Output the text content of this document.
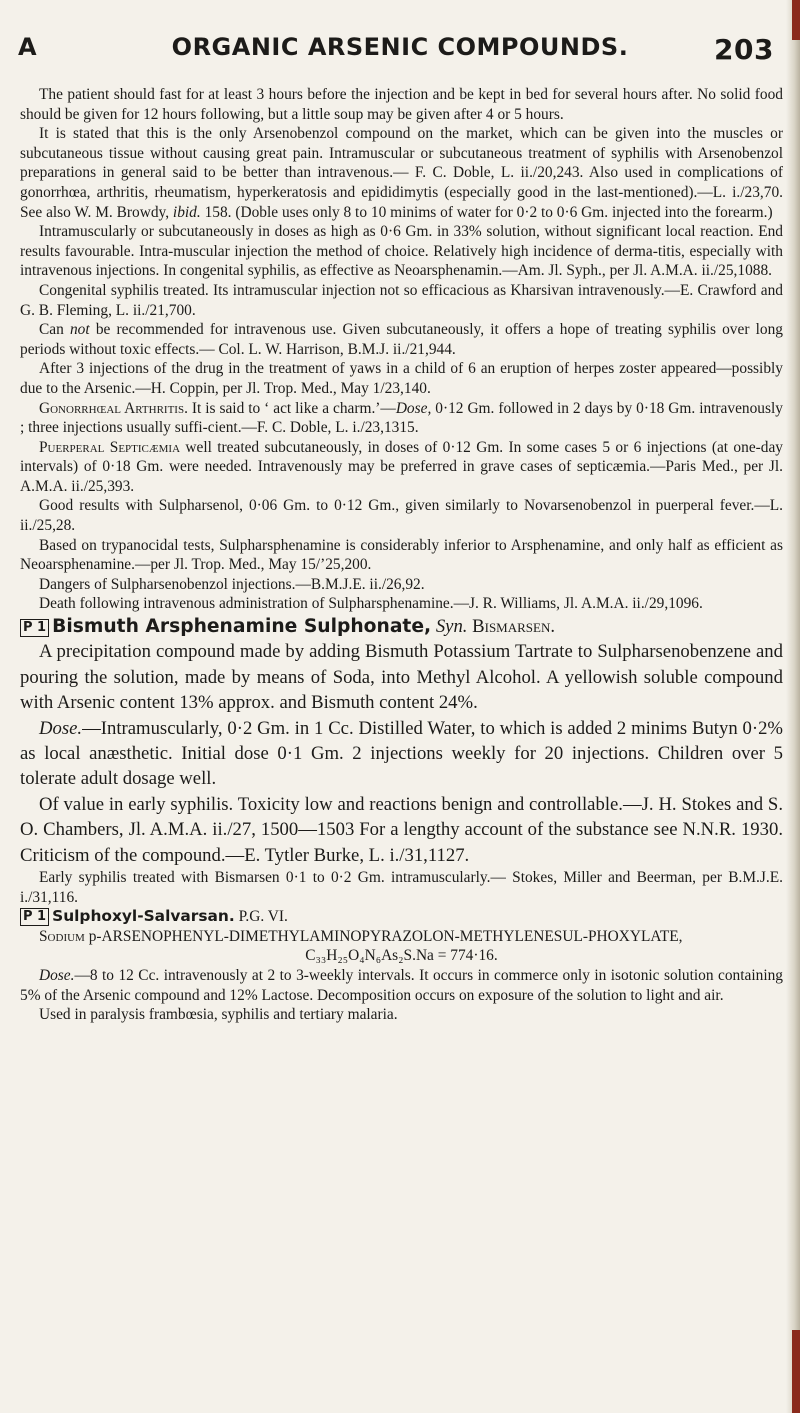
A	ORGANIC ARSENIC COMPOUNDS.	203

The patient should fast for at least 3 hours before the injection and be kept in bed for several hours after. No solid food should be given for 12 hours following, but a little soup may be given after 4 or 5 hours.

It is stated that this is the only Arsenobenzol compound on the market, which can be given into the muscles or subcutaneous tissue without causing great pain. Intramuscular or subcutaneous treatment of syphilis with Arsenobenzol preparations in general said to be better than intravenous.— F. C. Doble, L. ii./20,243. Also used in complications of gonorrhœa, arthritis, rheumatism, hyperkeratosis and epididimytis (especially good in the last-mentioned).—L. i./23,70. See also W. M. Browdy, ibid. 158. (Doble uses only 8 to 10 minims of water for 0·2 to 0·6 Gm. injected into the forearm.)

Intramuscularly or subcutaneously in doses as high as 0·6 Gm. in 33% solution, without significant local reaction. End results favourable. Intra-muscular injection the method of choice. Relatively high incidence of derma-titis, especially with intravenous injections. In congenital syphilis, as effective as Neoarsphenamin.—Am. Jl. Syph., per Jl. A.M.A. ii./25,1088.

Congenital syphilis treated. Its intramuscular injection not so efficacious as Kharsivan intravenously.—E. Crawford and G. B. Fleming, L. ii./21,700.

Can not be recommended for intravenous use. Given subcutaneously, it offers a hope of treating syphilis over long periods without toxic effects.— Col. L. W. Harrison, B.M.J. ii./21,944.

After 3 injections of the drug in the treatment of yaws in a child of 6 an eruption of herpes zoster appeared—possibly due to the Arsenic.—H. Coppin, per Jl. Trop. Med., May 1/23,140.

Gonorrhœal Arthritis. It is said to ‘ act like a charm.’—Dose, 0·12 Gm. followed in 2 days by 0·18 Gm. intravenously ; three injections usually suffi-cient.—F. C. Doble, L. i./23,1315.

Puerperal Septicæmia well treated subcutaneously, in doses of 0·12 Gm. In some cases 5 or 6 injections (at one-day intervals) of 0·18 Gm. were needed. Intravenously may be preferred in grave cases of septicæmia.—Paris Med., per Jl. A.M.A. ii./25,393.

Good results with Sulpharsenol, 0·06 Gm. to 0·12 Gm., given similarly to Novarsenobenzol in puerperal fever.—L. ii./25,28.

Based on trypanocidal tests, Sulpharsphenamine is considerably inferior to Arsphenamine, and only half as efficient as Neoarsphenamine.—per Jl. Trop. Med., May 15/’25,200.

Dangers of Sulpharsenobenzol injections.—B.M.J.E. ii./26,92.

Death following intravenous administration of Sulpharsphenamine.—J. R. Williams, Jl. A.M.A. ii./29,1096.

P 1 Bismuth Arsphenamine Sulphonate, Syn. Bismarsen.

A precipitation compound made by adding Bismuth Potassium Tartrate to Sulpharsenobenzene and pouring the solution, made by means of Soda, into Methyl Alcohol. A yellowish soluble compound with Arsenic content 13% approx. and Bismuth content 24%.

Dose.—Intramuscularly, 0·2 Gm. in 1 Cc. Distilled Water, to which is added 2 minims Butyn 0·2% as local anæsthetic. Initial dose 0·1 Gm. 2 injections weekly for 20 injections. Children over 5 tolerate adult dosage well.

Of value in early syphilis. Toxicity low and reactions benign and controllable.—J. H. Stokes and S. O. Chambers, Jl. A.M.A. ii./27, 1500—1503 For a lengthy account of the substance see N.N.R. 1930. Criticism of the compound.—E. Tytler Burke, L. i./31,1127.

Early syphilis treated with Bismarsen 0·1 to 0·2 Gm. intramuscularly.— Stokes, Miller and Beerman, per B.M.J.E. i./31,116.

P 1 Sulphoxyl-Salvarsan. P.G. VI.

Sodium p-ARSENOPHENYL-DIMETHYLAMINOPYRAZOLON-METHYLENESUL-PHOXYLATE,

C₃₃H₂₅O₄N₆As₂S.Na = 774·16.

Dose.—8 to 12 Cc. intravenously at 2 to 3-weekly intervals. It occurs in commerce only in isotonic solution containing 5% of the Arsenic compound and 12% Lactose. Decomposition occurs on exposure of the solution to light and air.

Used in paralysis frambœsia, syphilis and tertiary malaria.
